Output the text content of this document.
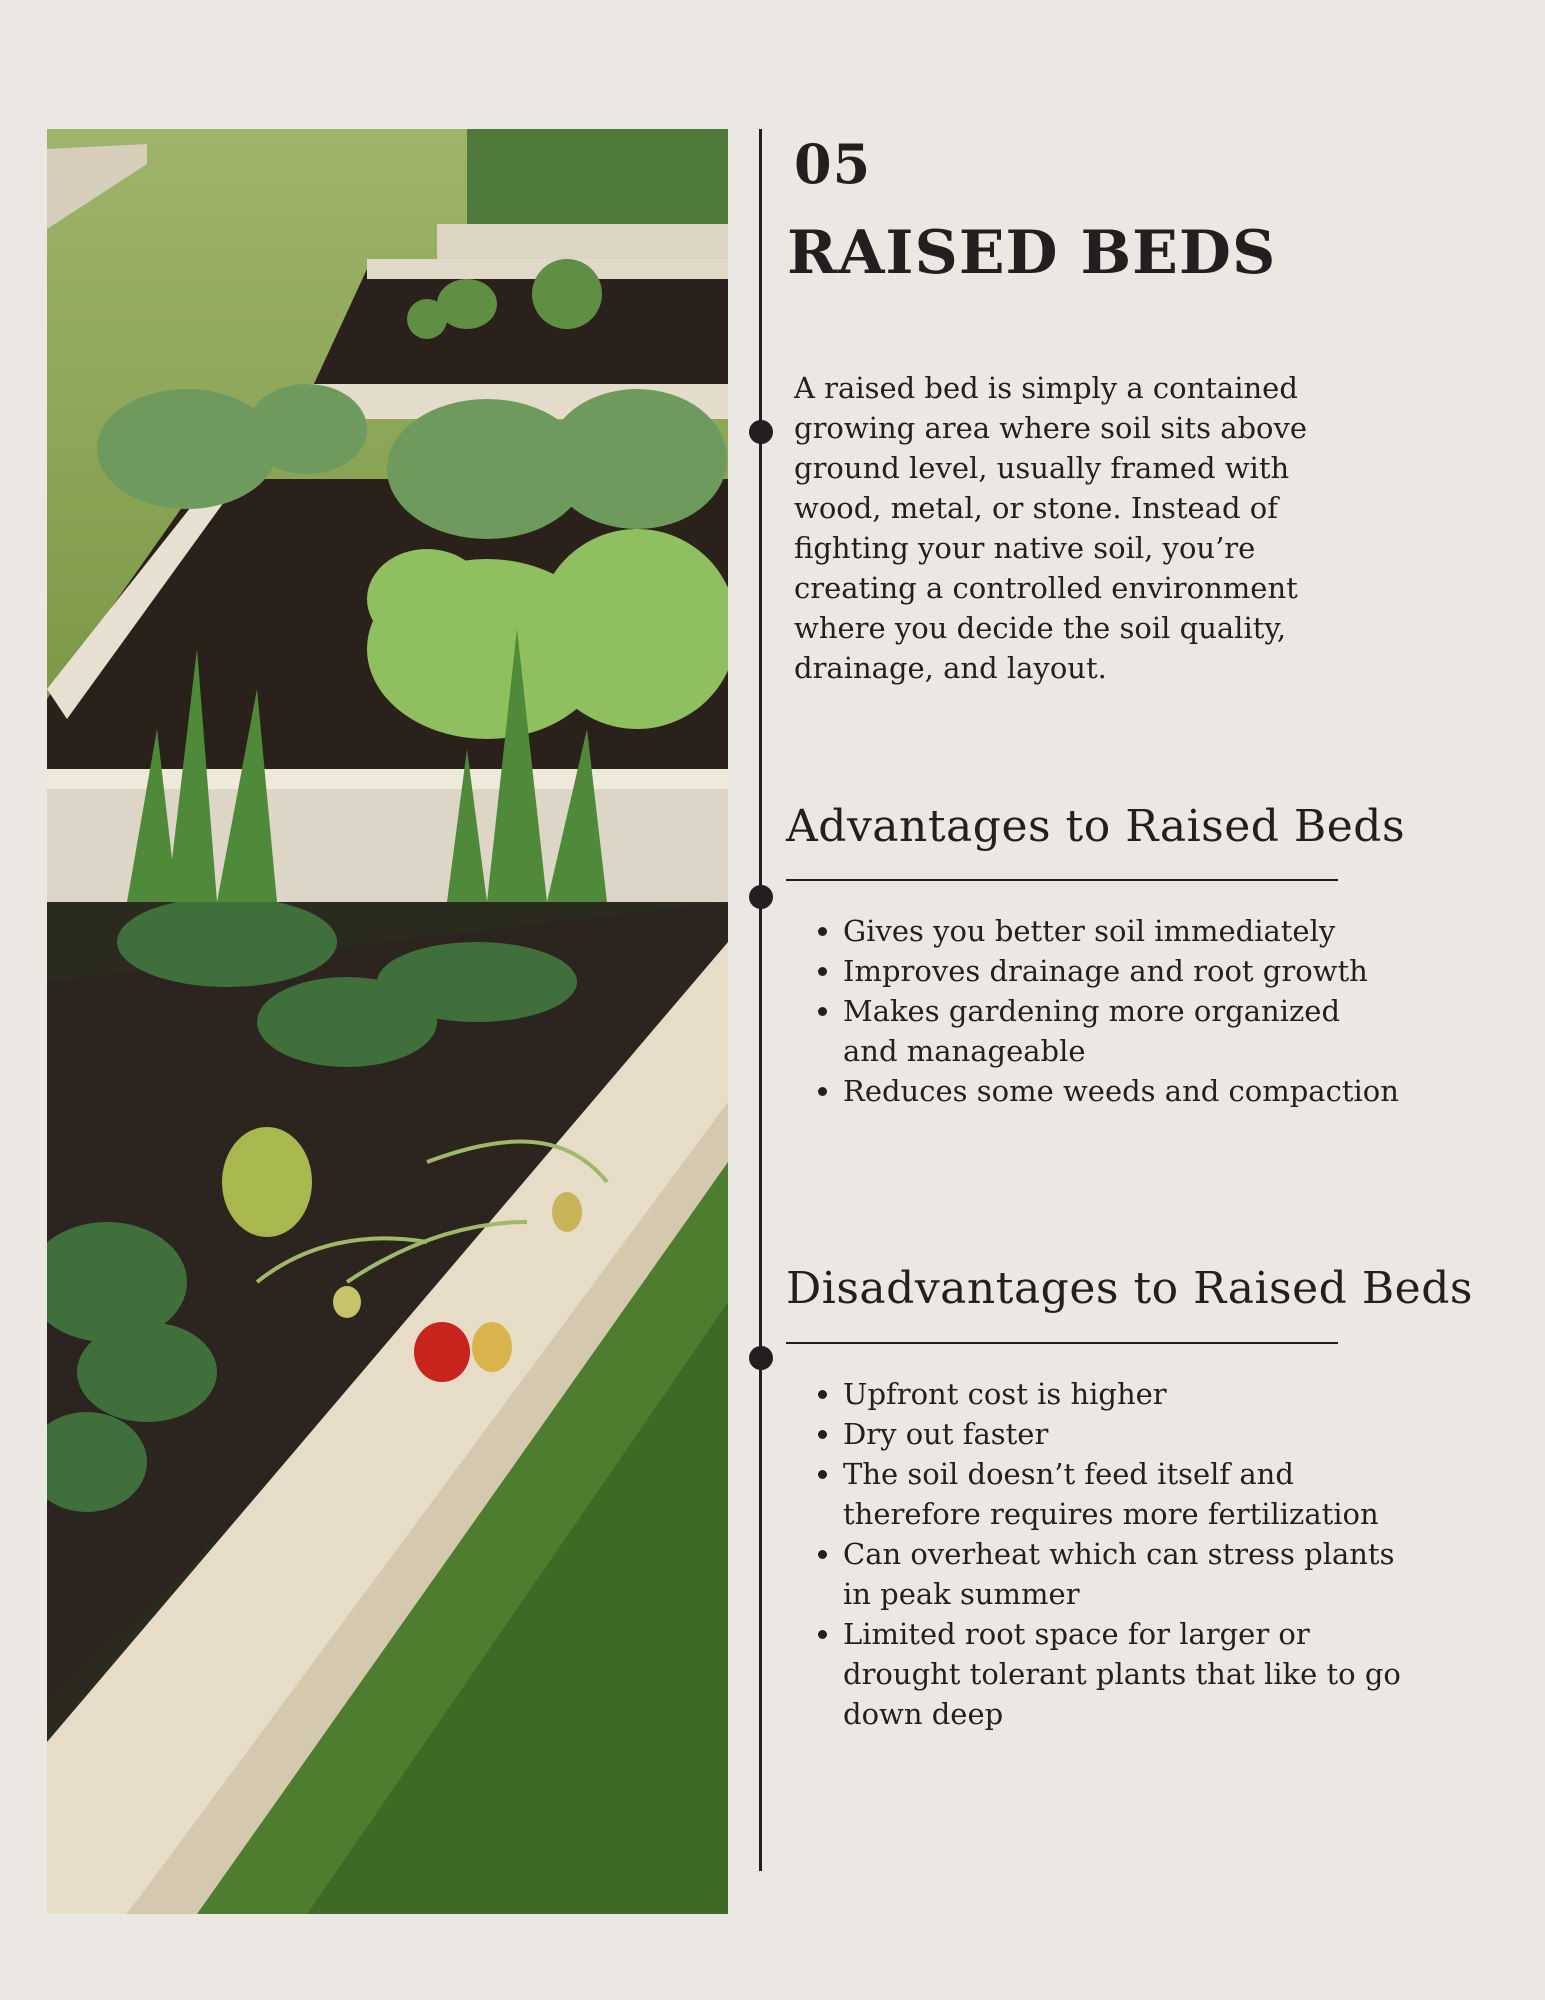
05
RAISED BEDS
A raised bed is simply a contained growing area where soil sits above ground level, usually framed with wood, metal, or stone. Instead of fighting your native soil, you’re creating a controlled environment where you decide the soil quality, drainage, and layout.
Advantages to Raised Beds
• Gives you better soil immediately
• Improves drainage and root growth
• Makes gardening more organized and manageable
• Reduces some weeds and compaction
Disadvantages to Raised Beds
• Upfront cost is higher
• Dry out faster
• The soil doesn’t feed itself and therefore requires more fertilization
• Can overheat which can stress plants in peak summer
• Limited root space for larger or drought tolerant plants that like to go down deep
